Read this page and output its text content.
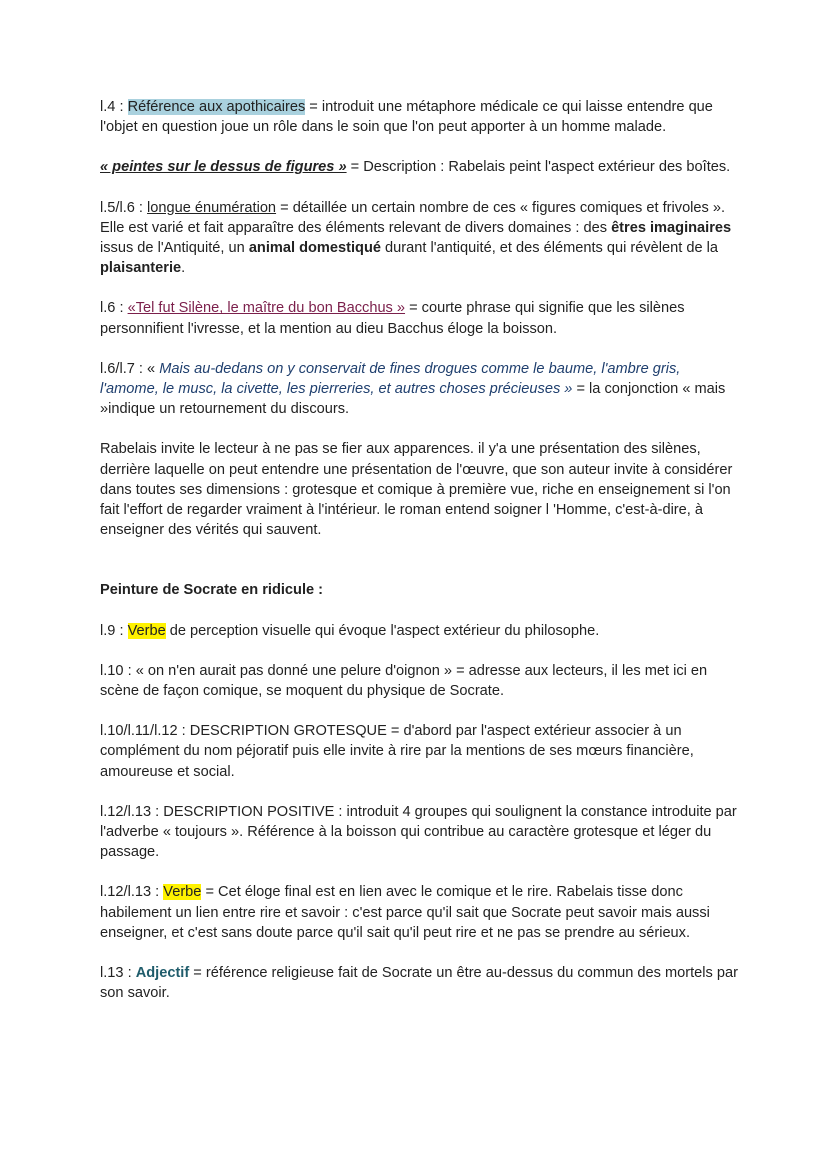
l.4 : Référence aux apothicaires = introduit une métaphore médicale ce qui laisse entendre que l'objet en question joue un rôle dans le soin que l'on peut apporter à un homme malade.

« peintes sur le dessus de figures » = Description : Rabelais peint l'aspect extérieur des boîtes.

l.5/l.6 : longue énumération = détaillée un certain nombre de ces « figures comiques et frivoles ». Elle est varié et fait apparaître des éléments relevant de divers domaines : des êtres imaginaires issus de l'Antiquité, un animal domestiqué durant l'antiquité, et des éléments qui révèlent de la plaisanterie.

l.6 : «Tel fut Silène, le maître du bon Bacchus » = courte phrase qui signifie que les silènes personnifient l'ivresse, et la mention au dieu Bacchus éloge la boisson.

l.6/l.7 : « Mais au-dedans on y conservait de fines drogues comme le baume, l'ambre gris, l'amome, le musc, la civette, les pierreries, et autres choses précieuses » = la conjonction « mais »indique un retournement du discours.

Rabelais invite le lecteur à ne pas se fier aux apparences. il y'a une présentation des silènes, derrière laquelle on peut entendre une présentation de l'œuvre, que son auteur invite à considérer dans toutes ses dimensions : grotesque et comique à première vue, riche en enseignement si l'on fait l'effort de regarder vraiment à l'intérieur. le roman entend soigner l 'Homme, c'est-à-dire, à enseigner des vérités qui sauvent.

Peinture de Socrate en ridicule :

l.9 : Verbe de perception visuelle qui évoque l'aspect extérieur du philosophe.

l.10 : « on n'en aurait pas donné une pelure d'oignon » = adresse aux lecteurs, il les met ici en scène de façon comique, se moquent du physique de Socrate.

l.10/l.11/l.12 : DESCRIPTION GROTESQUE = d'abord par l'aspect extérieur associer à un complément du nom péjoratif puis elle invite à rire par la mentions de ses mœurs financière, amoureuse et social.

l.12/l.13 : DESCRIPTION POSITIVE : introduit 4 groupes qui soulignent la constance introduite par l'adverbe « toujours ». Référence à la boisson qui contribue au caractère grotesque et léger du passage.

l.12/l.13 : Verbe = Cet éloge final est en lien avec le comique et le rire. Rabelais tisse donc habilement un lien entre rire et savoir : c'est parce qu'il sait que Socrate peut savoir mais aussi enseigner, et c'est sans doute parce qu'il sait qu'il peut rire et ne pas se prendre au sérieux.

l.13 : Adjectif = référence religieuse fait de Socrate un être au-dessus du commun des mortels par son savoir.
